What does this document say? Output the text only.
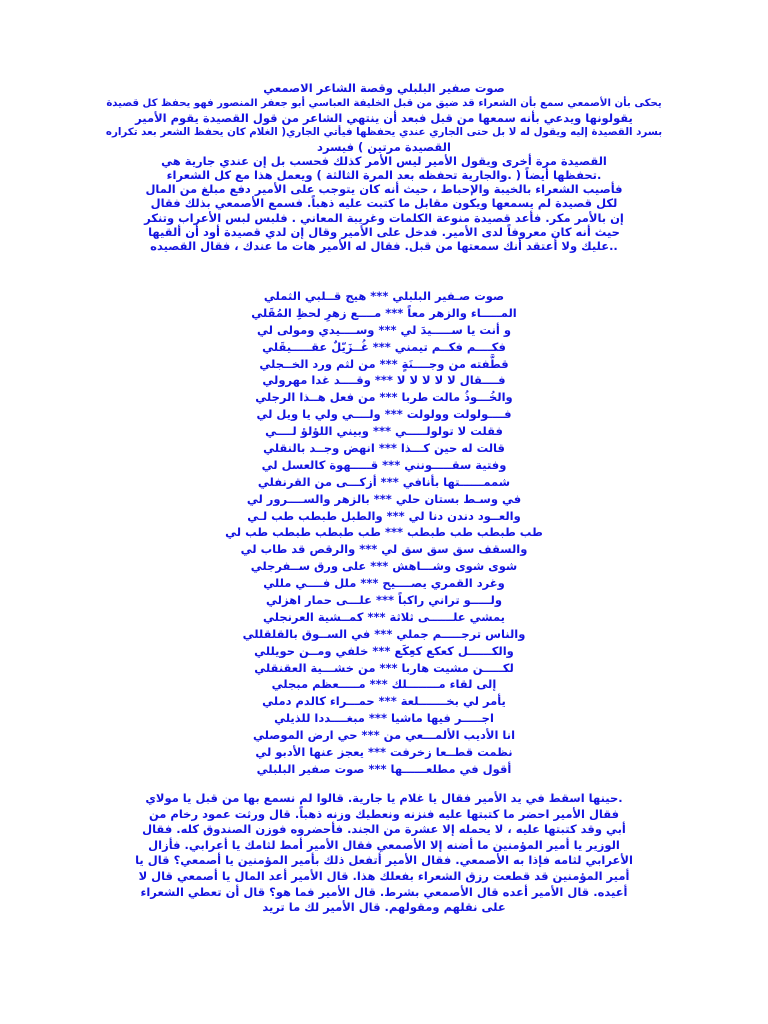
صوت صفير البلبلي وقصة الشاعر الاصمعي
يحكى بأن الأصمعي سمع بأن الشعراء قد ضيق من قبل الخليفة العباسي أبو جعفر المنصور فهو يحفظ كل قصيدة
يقولونها ويدعي بأنه سمعها من قبل فبعد أن ينتهي الشاعر من قول القصيدة يقوم الأمير
بسرد القصيدة إليه ويقول له لا بل حتى الجاري عندي يحفظها فيأتي الجاري( الغلام كان يحفظ الشعر بعد تكراره
القصيدة مرتين ) فيسرد
القصيدة مرة أخرى ويقول الأمير ليس الأمر كذلك فحسب بل إن عندي جارية هي
.تحفظها أيضاً ( .والجارية تحفظه بعد المرة الثالثة ) ويعمل هذا مع كل الشعراء
فأصيب الشعراء بالخيبة والإحباط ، حيث أنه كان يتوجب على الأمير دفع مبلغ من المال
لكل قصيدة لم يسمعها ويكون مقابل ما كتبت عليه ذهباً. فسمع الأصمعي بذلك فقال
إن بالأمر مكر. فأعد قصيدة منوعة الكلمات وغريبة المعاني . فلبس لبس الأعراب وتنكر
حيث أنه كان معروفاً لدى الأمير. فدخل على الأمير وقال إن لدي قصيدة أود أن ألقيها
..عليك ولا أعتقد أنك سمعتها من قبل. فقال له الأمير هات ما عندك ، فقال القصيده
صوت صـفير البلبلي *** هيج قــلبي الثملي
المـــــاء والزهر معاً *** مــــع زهرِ لحظِ المُقَلي
و أنت يا ســـــيدَ لي *** وســــيدي ومولى لي
فكــــم فكــم تيمني *** غُــزَيّلٌ عقـــــيقَلي
قطَّفته من وجــــنَةٍ *** من لثم ورد الخــجلي
فــــقال لا لا لا لا لا *** وقــــد غدا مهرولي
والخُـــوذُ مالت طربا *** من فعل هــذا الرجلي
فــــولولت وولولت *** ولــــي ولي يا ويل لي
فقلت لا تولولـــــي *** وبيني اللؤلؤ لــــي
قالت له حين كـــذا *** انهض وجــد بالنقلي
وفتية سقـــــونني *** قـــــهوة كالعسل لي
شممــــــتها بأنافي *** أزكـــى من القرنفلي
في وسـط بستان حلي *** بالزهر والســــرور لي
والعــود دندن دنا لي *** والطبل طبطب طب لـي
طب طبطب طب طبطب *** طب طبطب طبطب طب لي
والسقف سق سق سق لي *** والرقص قد طاب لي
شوى شوى وشـــاهش *** على ورق ســفرجلي
وغرد القمري يصــــيح *** ملل فــــي مللي
ولـــــو تراني راكباً *** علـــى حمار اهزلي
يمشي علــــــى ثلاثة *** كمــشية العرنجلي
والناس ترجـــــم جملي *** في الســوق بالقلقللي
والكــــــل كعكع كعِكَع *** خلفي ومــن حويللي
لكـــــن مشيت هاربا *** من خشـــية العقنقلي
إلى لقاء مــــــــلك *** مـــــعظم مبجلي
يأمر لي بخـــــــلعة *** حمـــراء كالدم دملي
اجـــــر فيها ماشيا *** مبغــــددا للذيلي
انا الأديب الألمـــعي من *** حي ارض الموصلي
نظمت قطــعا زخرفت *** يعجز عنها الأدبو لي
أقول في مطلعــــــها *** صوت صفير البلبلي
.حينها اسقط في يد الأمير فقال يا غلام يا جارية. قالوا لم نسمع بها من قبل يا مولاي
فقال الأمير احضر ما كتبتها عليه فنزنه ونعطيك وزنه ذهباً. قال ورثت عمود رخام من
أبي وقد كتبتها عليه ، لا يحمله إلا عشرة من الجند. فأحضروه فوزن الصندوق كله. فقال
الوزير يا أمير المؤمنين ما أضنه إلا الأصمعي فقال الأمير أمط لثامك يا أعرابي. فأزال
الأعرابي لثامه فإذا به الأصمعي. فقال الأمير أتفعل ذلك بأمير المؤمنين يا أصمعي؟ قال يا
أمير المؤمنين قد قطعت رزق الشعراء بفعلك هذا. قال الأمير أعد المال يا أصمعي قال لا
أعيده. قال الأمير أعده قال الأصمعي بشرط. قال الأمير فما هو؟ قال أن تعطي الشعراء
على نقلهم ومقولهم. قال الأمير لك ما تريد
